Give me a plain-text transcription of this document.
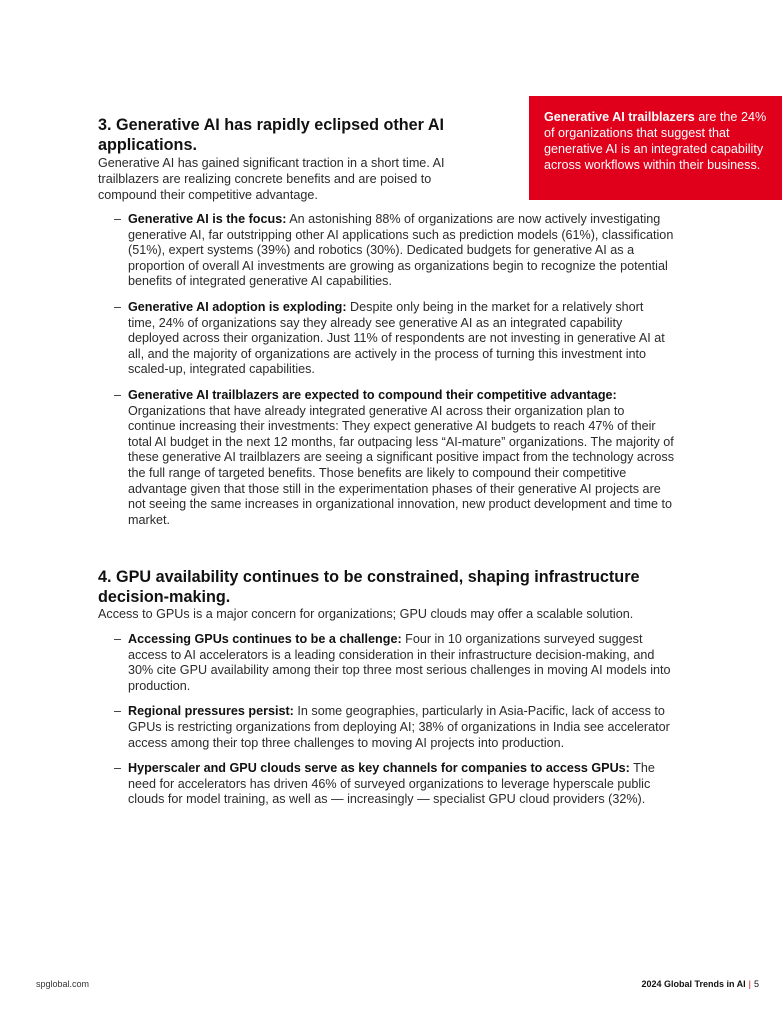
Generative AI trailblazers are the 24% of organizations that suggest that generative AI is an integrated capability across workflows within their business.
3. Generative AI has rapidly eclipsed other AI applications.

Generative AI has gained significant traction in a short time. AI trailblazers are realizing concrete benefits and are poised to compound their competitive advantage.

– Generative AI is the focus: An astonishing 88% of organizations are now actively investigating generative AI, far outstripping other AI applications such as prediction models (61%), classification (51%), expert systems (39%) and robotics (30%). Dedicated budgets for generative AI as a proportion of overall AI investments are growing as organizations begin to recognize the potential benefits of integrated generative AI capabilities.
– Generative AI adoption is exploding: Despite only being in the market for a relatively short time, 24% of organizations say they already see generative AI as an integrated capability deployed across their organization. Just 11% of respondents are not investing in generative AI at all, and the majority of organizations are actively in the process of turning this investment into scaled-up, integrated capabilities.
– Generative AI trailblazers are expected to compound their competitive advantage: Organizations that have already integrated generative AI across their organization plan to continue increasing their investments: They expect generative AI budgets to reach 47% of their total AI budget in the next 12 months, far outpacing less “AI-mature” organizations. The majority of these generative AI trailblazers are seeing a significant positive impact from the technology across the full range of targeted benefits. Those benefits are likely to compound their competitive advantage given that those still in the experimentation phases of their generative AI projects are not seeing the same increases in organizational innovation, new product development and time to market.
4. GPU availability continues to be constrained, shaping infrastructure decision-making.

Access to GPUs is a major concern for organizations; GPU clouds may offer a scalable solution.

– Accessing GPUs continues to be a challenge: Four in 10 organizations surveyed suggest access to AI accelerators is a leading consideration in their infrastructure decision-making, and 30% cite GPU availability among their top three most serious challenges in moving AI models into production.
– Regional pressures persist: In some geographies, particularly in Asia-Pacific, lack of access to GPUs is restricting organizations from deploying AI; 38% of organizations in India see accelerator access among their top three challenges to moving AI projects into production.
– Hyperscaler and GPU clouds serve as key channels for companies to access GPUs: The need for accelerators has driven 46% of surveyed organizations to leverage hyperscale public clouds for model training, as well as — increasingly — specialist GPU cloud providers (32%).
spglobal.com	2024 Global Trends in AI | 5
